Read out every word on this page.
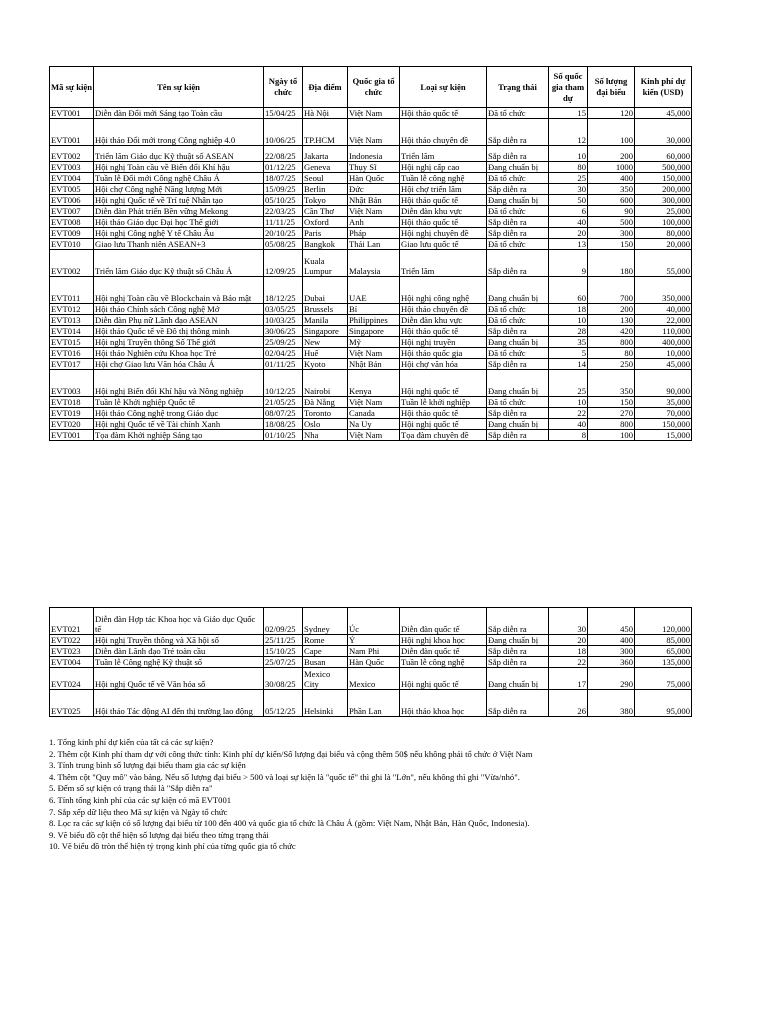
Mã sự kiện	Tên sự kiện	Ngày tổ chức	Địa điểm	Quốc gia tổ chức	Loại sự kiện	Trạng thái	Số quốc gia tham dự	Số lượng đại biểu	Kinh phí dự kiến (USD)
EVT001	Diễn đàn Đổi mới Sáng tạo Toàn cầu	15/04/25	Hà Nội	Việt Nam	Hội thảo quốc tế	Đã tổ chức	15	120	45,000
EVT001	Hội thảo Đổi mới trong Công nghiệp 4.0	10/06/25	TP.HCM	Việt Nam	Hội thảo chuyên đề	Sắp diễn ra	12	100	30,000
EVT002	Triển lãm Giáo dục Kỹ thuật số ASEAN	22/08/25	Jakarta	Indonesia	Triển lãm	Sắp diễn ra	10	200	60,000
EVT003	Hội nghị Toàn cầu về Biến đổi Khí hậu	01/12/25	Geneva	Thụy Sĩ	Hội nghị cấp cao	Đang chuẩn bị	80	1000	500,000
EVT004	Tuần lễ Đổi mới Công nghệ Châu Á	18/07/25	Seoul	Hàn Quốc	Tuần lễ công nghệ	Đã tổ chức	25	400	150,000
EVT005	Hội chợ Công nghệ Năng lượng Mới	15/09/25	Berlin	Đức	Hội chợ triển lãm	Sắp diễn ra	30	350	200,000
EVT006	Hội nghị Quốc tế về Trí tuệ Nhân tạo	05/10/25	Tokyo	Nhật Bản	Hội thảo quốc tế	Đang chuẩn bị	50	600	300,000
EVT007	Diễn đàn Phát triển Bền vững Mekong	22/03/25	Cần Thơ	Việt Nam	Diễn đàn khu vực	Đã tổ chức	6	90	25,000
EVT008	Hội thảo Giáo dục Đại học Thế giới	11/11/25	Oxford	Anh	Hội thảo quốc tế	Sắp diễn ra	40	500	100,000
EVT009	Hội nghị Công nghệ Y tế Châu Âu	20/10/25	Paris	Pháp	Hội nghị chuyên đề	Sắp diễn ra	20	300	80,000
EVT010	Giao lưu Thanh niên ASEAN+3	05/08/25	Bangkok	Thái Lan	Giao lưu quốc tế	Đã tổ chức	13	150	20,000
EVT002	Triển lãm Giáo dục Kỹ thuật số Châu Á	12/09/25	Kuala Lumpur	Malaysia	Triển lãm	Sắp diễn ra	9	180	55,000
EVT011	Hội nghị Toàn cầu về Blockchain và Bảo mật	18/12/25	Dubai	UAE	Hội nghị công nghệ	Đang chuẩn bị	60	700	350,000
EVT012	Hội thảo Chính sách Công nghệ Mở	03/05/25	Brussels	Bỉ	Hội thảo chuyên đề	Đã tổ chức	18	200	40,000
EVT013	Diễn đàn Phụ nữ Lãnh đạo ASEAN	10/03/25	Manila	Philippines	Diễn đàn khu vực	Đã tổ chức	10	130	22,000
EVT014	Hội thảo Quốc tế về Đô thị thông minh	30/06/25	Singapore	Singapore	Hội thảo quốc tế	Sắp diễn ra	28	420	110,000
EVT015	Hội nghị Truyền thông Số Thế giới	25/09/25	New	Mỹ	Hội nghị truyền	Đang chuẩn bị	35	800	400,000
EVT016	Hội thảo Nghiên cứu Khoa học Trẻ	02/04/25	Huế	Việt Nam	Hội thảo quốc gia	Đã tổ chức	5	80	10,000
EVT017	Hội chợ Giao lưu Văn hóa Châu Á	01/11/25	Kyoto	Nhật Bản	Hội chợ văn hóa	Sắp diễn ra	14	250	45,000
EVT003	Hội nghị Biến đổi Khí hậu và Nông nghiệp	10/12/25	Nairobi	Kenya	Hội nghị quốc tế	Đang chuẩn bị	25	350	90,000
EVT018	Tuần lễ Khởi nghiệp Quốc tế	21/05/25	Đà Nẵng	Việt Nam	Tuần lễ khởi nghiệp	Đã tổ chức	10	150	35,000
EVT019	Hội thảo Công nghệ trong Giáo dục	08/07/25	Toronto	Canada	Hội thảo quốc tế	Sắp diễn ra	22	270	70,000
EVT020	Hội nghị Quốc tế về Tài chính Xanh	18/08/25	Oslo	Na Uy	Hội nghị quốc tế	Đang chuẩn bị	40	800	150,000
EVT001	Tọa đàm Khởi nghiệp Sáng tạo	01/10/25	Nha	Việt Nam	Tọa đàm chuyên đề	Sắp diễn ra	8	100	15,000
EVT021	Diễn đàn Hợp tác Khoa học và Giáo dục Quốc tế	02/09/25	Sydney	Úc	Diễn đàn quốc tế	Sắp diễn ra	30	450	120,000
EVT022	Hội nghị Truyền thông và Xã hội số	25/11/25	Rome	Ý	Hội nghị khoa học	Đang chuẩn bị	20	400	85,000
EVT023	Diễn đàn Lãnh đạo Trẻ toàn cầu	15/10/25	Cape	Nam Phi	Diễn đàn quốc tế	Sắp diễn ra	18	300	65,000
EVT004	Tuần lễ Công nghệ Kỹ thuật số	25/07/25	Busan	Hàn Quốc	Tuần lễ công nghệ	Sắp diễn ra	22	360	135,000
EVT024	Hội nghị Quốc tế về Văn hóa số	30/08/25	Mexico City	Mexico	Hội nghị quốc tế	Đang chuẩn bị	17	290	75,000
EVT025	Hội thảo Tác động AI đến thị trường lao động	05/12/25	Helsinki	Phần Lan	Hội thảo khoa học	Sắp diễn ra	26	380	95,000
1. Tổng kinh phí dự kiến của tất cả các sự kiện?
2. Thêm cột Kinh phí tham dự với công thức tính: Kinh phí dự kiến/Số lượng đại biểu và cộng thêm 50$ nếu không phải tổ chức ở Việt Nam
3. Tính trung bình số lượng đại biểu tham gia các sự kiện
4. Thêm cột "Quy mô" vào bảng. Nếu số lượng đại biểu > 500 và loại sự kiện là "quốc tế" thì ghi là "Lớn", nếu không thì ghi "Vừa/nhỏ".
5. Đếm số sự kiện có trạng thái là "Sắp diễn ra"
6. Tính tổng kinh phí của các sự kiện có mã EVT001
7. Sắp xếp dữ liệu theo Mã sự kiện và Ngày tổ chức
8. Lọc ra các sự kiện có số lượng đại biểu từ 100 đến 400 và quốc gia tổ chức là Châu Á (gồm: Việt Nam, Nhật Bản, Hàn Quốc, Indonesia).
9. Vẽ biểu đồ cột thể hiện số lượng đại biểu theo từng trạng thái
10. Vẽ biểu đồ tròn thể hiện tỷ trọng kinh phí của từng quốc gia tổ chức
